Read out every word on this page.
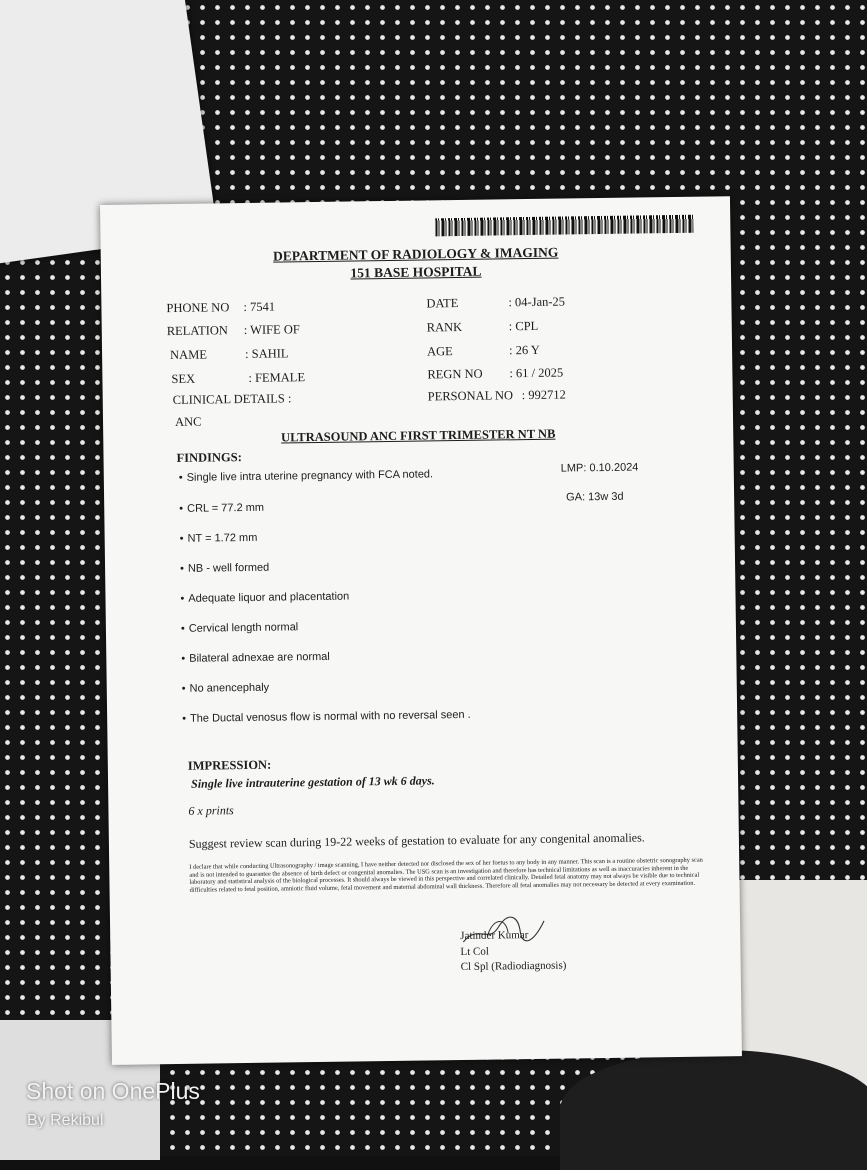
DEPARTMENT OF RADIOLOGY & IMAGING
151 BASE HOSPITAL
PHONE NO : 7541
RELATION : WIFE OF
NAME	: SAHIL
SEX	: FEMALE
CLINICAL DETAILS :
ANC
DATE	: 04-Jan-25
RANK	: CPL
AGE	: 26 Y
REGN NO : 61 / 2025
PERSONAL NO : 992712
ULTRASOUND ANC FIRST TRIMESTER NT NB
FINDINGS:
• Single live intra uterine pregnancy with FCA noted.
• CRL = 77.2 mm
• NT = 1.72 mm
• NB - well formed
• Adequate liquor and placentation
• Cervical length normal
• Bilateral adnexae are normal
• No anencephaly
• The Ductal venosus flow is normal with no reversal seen .
LMP: 0.10.2024
GA: 13w 3d
IMPRESSION:
Single live intrauterine gestation of 13 wk 6 days.
6 x prints
Suggest review scan during 19-22 weeks of gestation to evaluate for any congenital anomalies.
I declare that while conducting Ultrasonography / image scanning, I have neither detected nor disclosed the sex of her foetus to any body in any manner. This scan is a routine obstetric sonography scan and is not intended to guarantee the absence of birth defect or congenital anomalies. The USG scan is an investigation and therefore has technical limitations as well as inaccuracies inherent in the laboratory and statistical analysis of the biological processes. It should always be viewed in this perspective and correlated clinically. Detailed fetal anatomy may not always be visible due to technical difficulties related to fetal position, amniotic fluid volume, fetal movement and maternal abdominal wall thickness. Therefore all fetal anomalies may not necessary be detected at every examination.
Jatinder Kumar
Lt Col
Cl Spl (Radiodiagnosis)
Shot on OnePlus
By Rekibul
